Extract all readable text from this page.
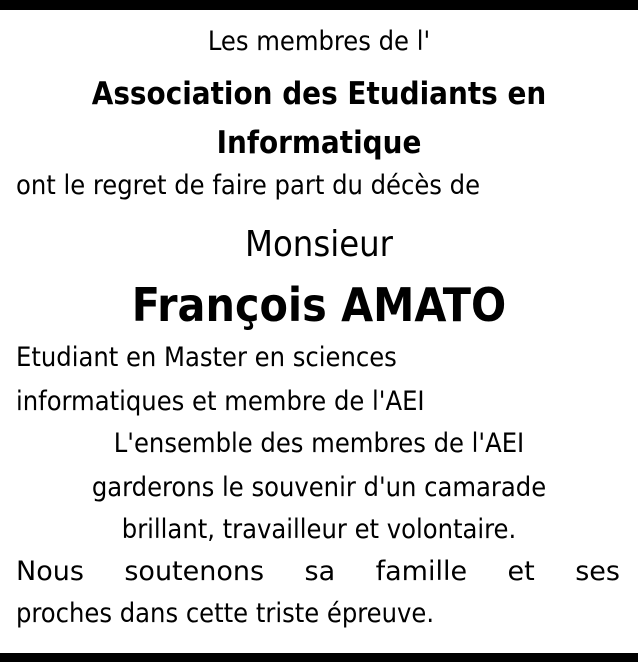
Les membres de l'
Association des Etudiants en
Informatique
ont le regret de faire part du décès de
Monsieur
François AMATO
Etudiant en Master en sciences
informatiques et membre de l'AEI
L'ensemble des membres de l'AEI
garderons le souvenir d'un camarade
brillant, travailleur et volontaire.
Nous soutenons sa famille et ses
proches dans cette triste épreuve.
